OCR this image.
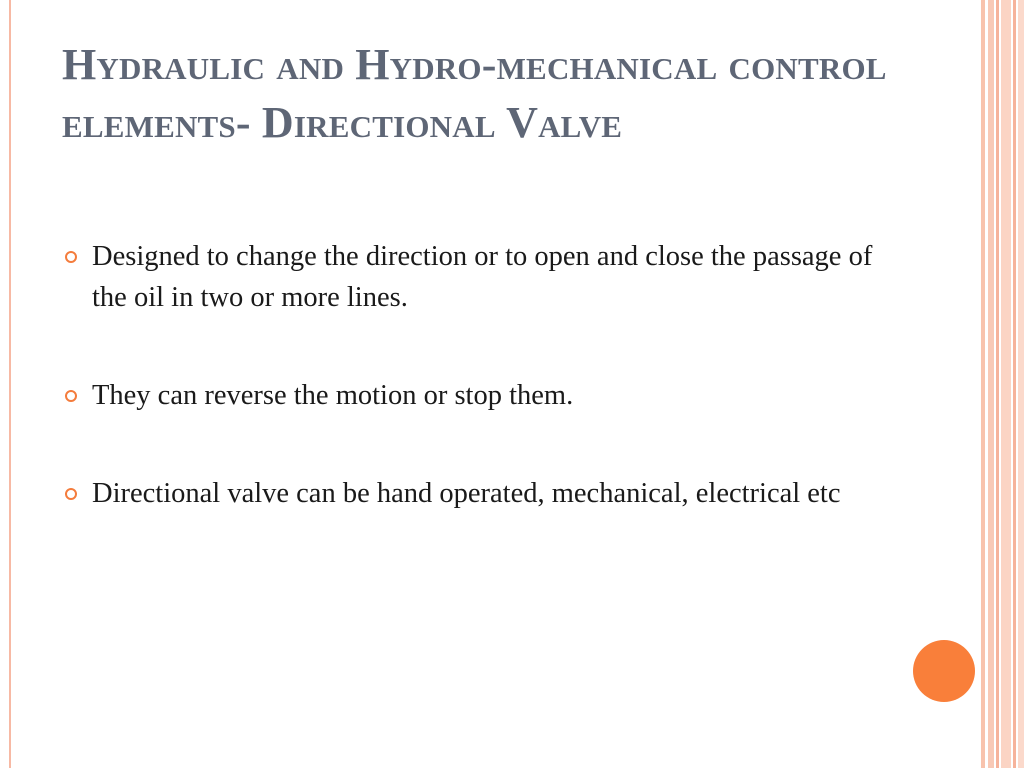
Hydraulic and Hydro-mechanical control elements- Directional Valve
Designed to change the direction or to open and close the passage of the oil in two or more lines.
They can reverse the motion or stop them.
Directional valve can be hand operated, mechanical, electrical etc
